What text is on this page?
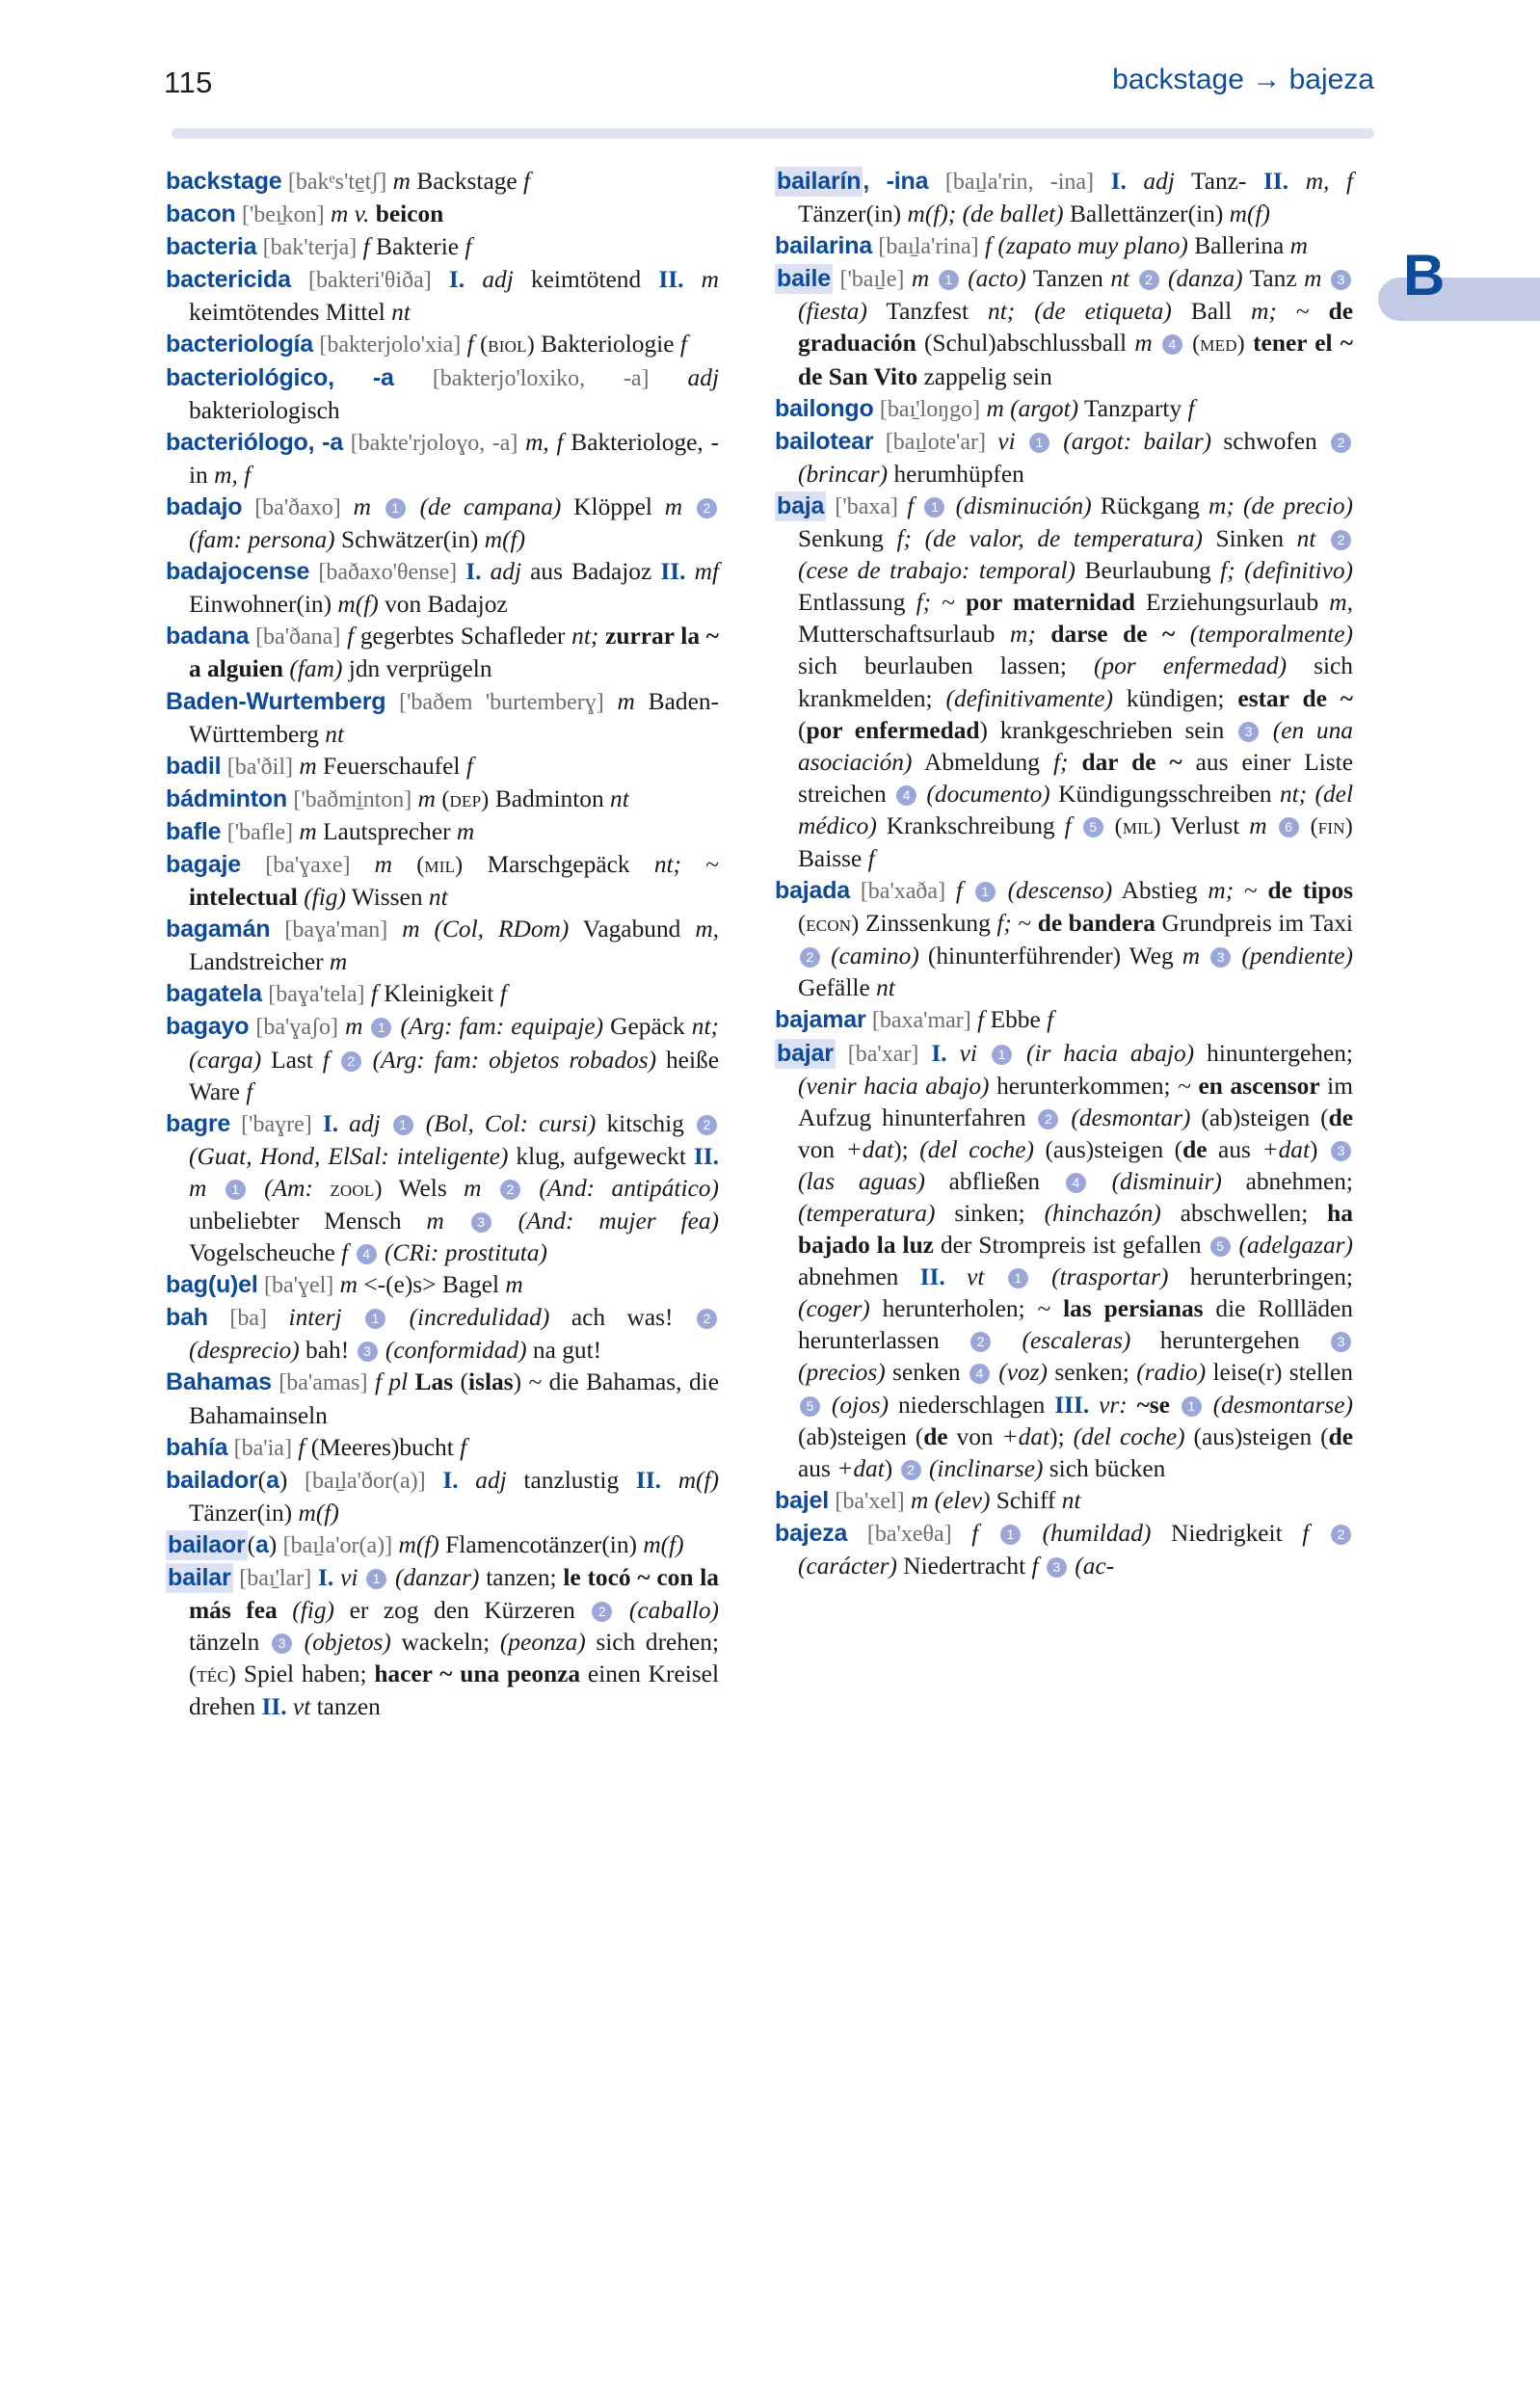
115	backstage → bajeza
B

backstage [bakᵉs'te̱tʃ] m Backstage f

bacon ['beı̱kon] m v. beicon

bacteria [bak'terja] f Bakterie f

bactericida [bakteri'θiða] I. adj keimtötend II. m keimtötendes Mittel nt

bacteriología [bakterjolo'xia] f (biol) Bakteriologie f

bacteriológico, -a [bakterjo'loxiko, -a] adj bakteriologisch

bacteriólogo, -a [bakte'rjoloɣo, -a] m, f Bakteriologe, -in m, f

badajo [ba'ðaxo] m 1 (de campana) Klöppel m 2 (fam: persona) Schwätzer(in) m(f)

badajocense [baðaxo'θense] I. adj aus Badajoz II. mf Einwohner(in) m(f) von Badajoz

badana [ba'ðana] f gegerbtes Schafleder nt; zurrar la ~ a alguien (fam) jdn verprügeln

Baden-Wurtemberg ['baðem 'burtemberɣ] m Baden-Württemberg nt

badil [ba'ðil] m Feuerschaufel f

bádminton ['baðmi̱nton] m (dep) Badminton nt

bafle ['bafle] m Lautsprecher m

bagaje [ba'ɣaxe] m (mil) Marschgepäck nt; ~ intelectual (fig) Wissen nt

bagamán [baɣa'man] m (Col, RDom) Vagabund m, Landstreicher m

bagatela [baɣa'tela] f Kleinigkeit f

bagayo [ba'ɣaʃo] m 1 (Arg: fam: equipaje) Gepäck nt; (carga) Last f 2 (Arg: fam: objetos robados) heiße Ware f

bagre ['baɣre] I. adj 1 (Bol, Col: cursi) kitschig 2 (Guat, Hond, ElSal: inteligente) klug, aufgeweckt II. m 1 (Am: zool) Wels m 2 (And: antipático) unbeliebter Mensch m 3 (And: mujer fea) Vogelscheuche f 4 (CRi: prostituta)

bag(u)el [ba'ɣel] m <-(e)s> Bagel m

bah [ba] interj 1 (incredulidad) ach was! 2 (desprecio) bah! 3 (conformidad) na gut!

Bahamas [ba'amas] f pl Las (islas) ~ die Bahamas, die Bahamainseln

bahía [ba'ia] f (Meeres)bucht f

bailador(a) [baı̱la'ðor(a)] I. adj tanzlustig II. m(f) Tänzer(in) m(f)

bailaor(a) [baı̱la'or(a)] m(f) Flamencotänzer(in) m(f)

bailar [baı̱'lar] I. vi 1 (danzar) tanzen; le tocó ~ con la más fea (fig) er zog den Kürzeren 2 (caballo) tänzeln 3 (objetos) wackeln; (peonza) sich drehen; (téc) Spiel haben; hacer ~ una peonza einen Kreisel drehen II. vt tanzen

bailarín, -ina [baı̱la'rin, -ina] I. adj Tanz- II. m, f Tänzer(in) m(f); (de ballet) Ballettänzer(in) m(f)

bailarina [baı̱la'rina] f (zapato muy plano) Ballerina m

baile ['baı̱le] m 1 (acto) Tanzen nt 2 (danza) Tanz m 3 (fiesta) Tanzfest nt; (de etiqueta) Ball m; ~ de graduación (Schul)abschlussball m 4 (med) tener el ~ de San Vito zappelig sein

bailongo [baı̱'loŋgo] m (argot) Tanzparty f

bailotear [baı̱lote'ar] vi 1 (argot: bailar) schwofen 2 (brincar) herumhüpfen

baja ['baxa] f 1 (disminución) Rückgang m; (de precio) Senkung f; (de valor, de temperatura) Sinken nt 2 (cese de trabajo: temporal) Beurlaubung f; (definitivo) Entlassung f; ~ por maternidad Erziehungsurlaub m, Mutterschaftsurlaub m; darse de ~ (temporalmente) sich beurlauben lassen; (por enfermedad) sich krankmelden; (definitivamente) kündigen; estar de ~ (por enfermedad) krankgeschrieben sein 3 (en una asociación) Abmeldung f; dar de ~ aus einer Liste streichen 4 (documento) Kündigungsschreiben nt; (del médico) Krankschreibung f 5 (mil) Verlust m 6 (fin) Baisse f

bajada [ba'xaða] f 1 (descenso) Abstieg m; ~ de tipos (econ) Zinssenkung f; ~ de bandera Grundpreis im Taxi 2 (camino) (hinunterführender) Weg m 3 (pendiente) Gefälle nt

bajamar [baxa'mar] f Ebbe f

bajar [ba'xar] I. vi 1 (ir hacia abajo) hinuntergehen; (venir hacia abajo) herunterkommen; ~ en ascensor im Aufzug hinunterfahren 2 (desmontar) (ab)steigen (de von +dat); (del coche) (aus)steigen (de aus +dat) 3 (las aguas) abfließen 4 (disminuir) abnehmen; (temperatura) sinken; (hinchazón) abschwellen; ha bajado la luz der Strompreis ist gefallen 5 (adelgazar) abnehmen II. vt 1 (trasportar) herunterbringen; (coger) herunterholen; ~ las persianas die Rollläden herunterlassen 2 (escaleras) heruntergehen 3 (precios) senken 4 (voz) senken; (radio) leise(r) stellen 5 (ojos) niederschlagen III. vr: ~se 1 (desmontarse) (ab)steigen (de von +dat); (del coche) (aus)steigen (de aus +dat) 2 (inclinarse) sich bücken

bajel [ba'xel] m (elev) Schiff nt

bajeza [ba'xeθa] f 1 (humildad) Niedrigkeit f 2 (carácter) Niedertracht f 3 (ac-
